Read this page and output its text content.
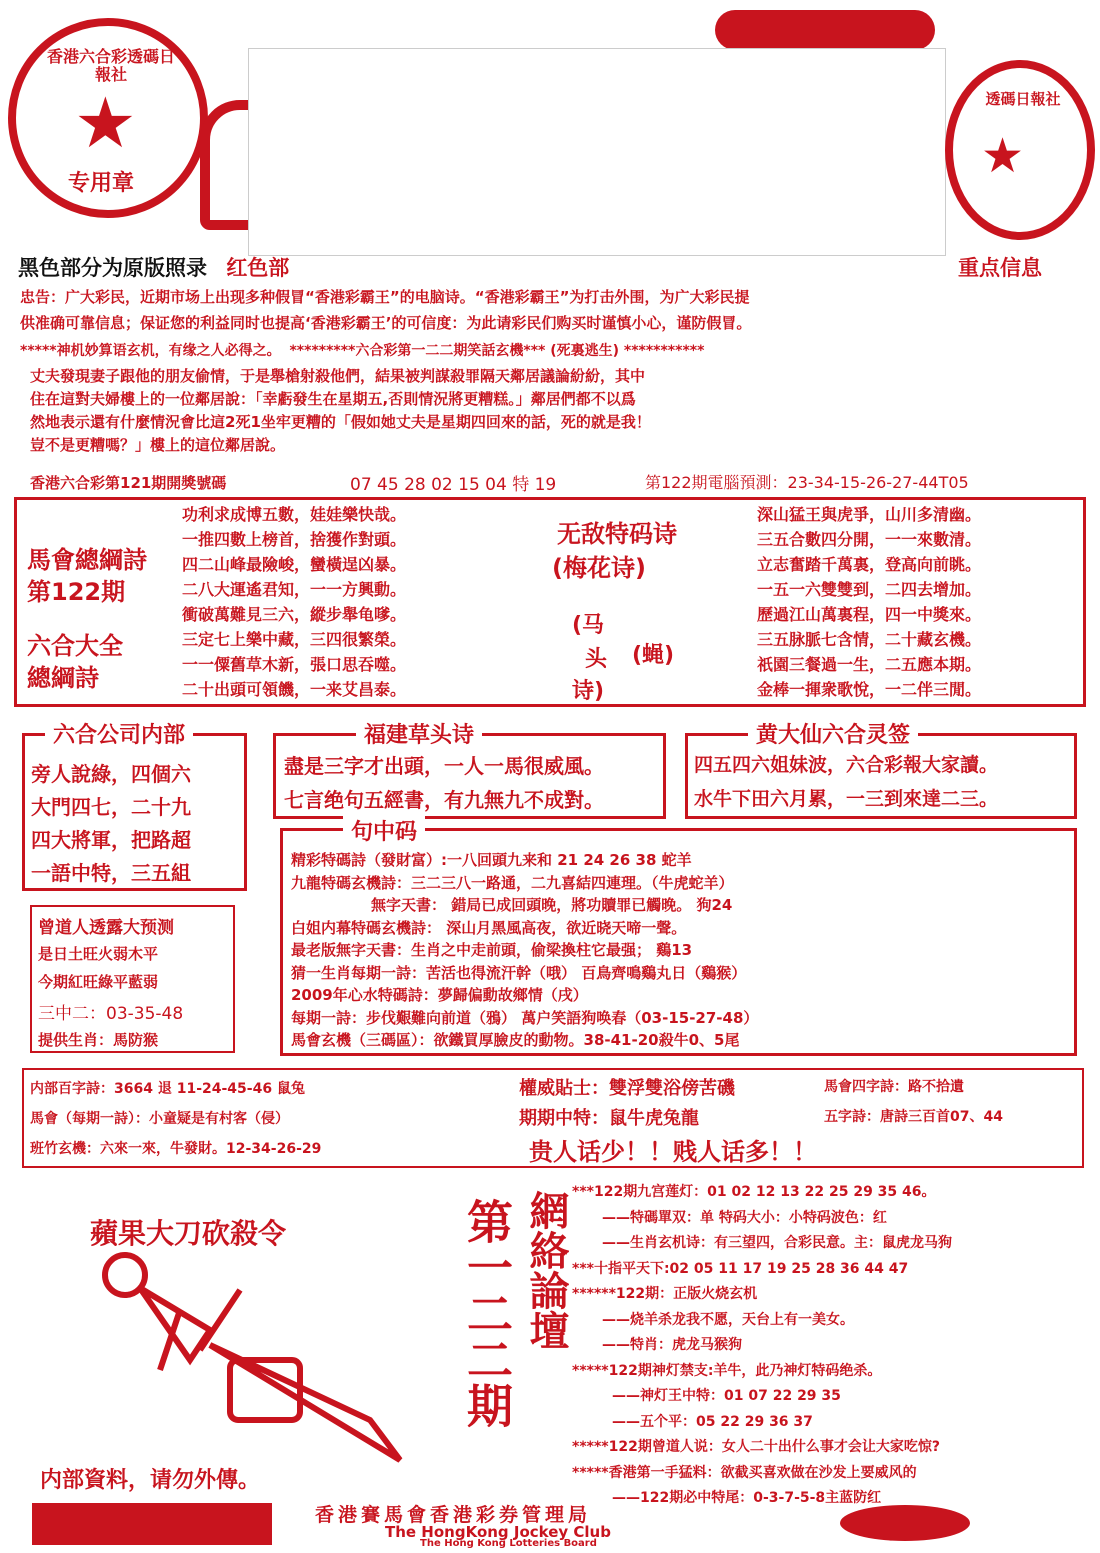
香港六合彩透碼日報社
★
专用章
透碼日報社
★
黑色部分为原版照录 红色部	重点信息
忠告：广大彩民，近期市场上出现多种假冒“香港彩霸王”的电脑诗。“香港彩霸王”为打击外围，为广大彩民提
供准确可靠信息；保证您的利益同时也提高‘香港彩霸王’的可信度：为此请彩民们购买时谨慎小心，谨防假冒。
*****神机妙算语玄机，有缘之人必得之。 *********六合彩第一二二期笑話玄機*** (死裏逃生) ***********
丈夫發現妻子跟他的朋友偷情，于是舉槍射殺他們，結果被判謀殺罪隔天鄰居議論紛紛，其中
住在這對夫婦樓上的一位鄰居說：「幸虧發生在星期五,否則情況將更糟糕。」鄰居們都不以爲
然地表示還有什麼情況會比這2死1坐牢更糟的「假如她丈夫是星期四回來的話，死的就是我！
豈不是更糟嗎？」樓上的這位鄰居說。
香港六合彩第121期開獎號碼	07 45 28 02 15 04 特 19	第122期電腦預測：23-34-15-26-27-44T05
馬會總綱詩
第122期
六合大全
總綱詩
功利求成博五數，娃娃樂快哉。
一推四數上榜首，捨獲作對頭。
四二山峰最險峻，蠻橫逞凶暴。
二八大運遙君知，一一方興動。
衝破萬難見三六，縱步舉龟嗲。
三定七上樂中藏，三四很繁榮。
一一僳舊草木新，張口思吞噬。
二十出頭可領饑，一来艾昌泰。
无敌特码诗
(梅花诗)
(马
头
诗)
(蝇)
深山猛王與虎爭，山川多清幽。
三五合數四分開，一一來數清。
立志奮踏千萬裏，登高向前眺。
一五一六雙雙到，二四去增加。
歷過江山萬裏程，四一中獎來。
三五脉脈七含情，二十藏玄機。
祇園三餐過一生，二五應本期。
金棒一揮衆歌悅，一二伴三閒。
六合公司内部
旁人說綠，四個六
大門四七，二十九
四大將軍，把路超
一語中特，三五組
福建草头诗
盡是三字才出頭，一人一馬很威風。
七言绝句五經書，有九無九不成對。
黄大仙六合灵签
四五四六姐妹波，六合彩報大家讀。
水牛下田六月累，一三到來達二三。
曾道人透露大预测
是日土旺火弱木平
今期紅旺綠平藍弱
三中二：03-35-48
提供生肖：馬防猴
句中码
精彩特碼詩（發財富）:一八回頭九来和 21 24 26 38 蛇羊
九龍特碼玄機詩：三二三八一路通，二九喜結四連理。（牛虎蛇羊）
無字天書： 錯局已成回頭晚，將功贖罪已觸晚。 狗24
白姐内幕特碼玄機詩： 深山月黑風高夜，欲近晓天啼一聲。
最老版無字天書：生肖之中走前頭，偷梁換柱它最强； 鷄13
猜一生肖每期一詩：苦活也得流汗幹（哦） 百鳥齊鳴鷄丸日（鷄猴）
2009年心水特碼詩：夢歸偏動故鄉情（戌）
每期一詩：步伐艱難向前道（鴉） 萬户笑語狗唤春（03-15-27-48）
馬會玄機（三碼區）：欲鐵買厚臉皮的動物。38-41-20殺牛0、5尾
内部百字詩：3664 退 11-24-45-46 鼠兔
馬會（每期一詩）：小童疑是有村客（侵）
班竹玄機：六來一來，牛發財。12-34-26-29
權威貼士：雙浮雙浴傍苦磯	馬會四字詩：路不拾遺
期期中特：鼠牛虎兔龍	五字詩：唐詩三百首07、44
贵人话少！！贱人话多！！
蘋果大刀砍殺令
内部資料，请勿外傳。
第一二二期 網絡論壇 ***122期九宫莲灯：01 02 12 13 22 25 29 35 46。
——特碼單双：单 特码大小：小特码波色：红
——生肖玄机诗：有三望四，合彩民意。主：鼠虎龙马狗
***十指平天下:02 05 11 17 19 25 28 36 44 47
******122期：正版火烧玄机
——烧羊杀龙我不愿，天台上有一美女。
——特肖：虎龙马猴狗
*****122期神灯禁支:羊牛，此乃神灯特码绝杀。
——神灯王中特：01 07 22 29 35
——五个平：05 22 29 36 37
*****122期曾道人说：女人二十出什么事才会让大家吃惊?
*****香港第一手猛料：欲截买喜欢做在沙发上要威风的
——122期必中特尾：0-3-7-5-8主蓝防红
香港賽馬會香港彩券管理局
The HongKong Jockey Club
The Hong Kong Lotteries Board
